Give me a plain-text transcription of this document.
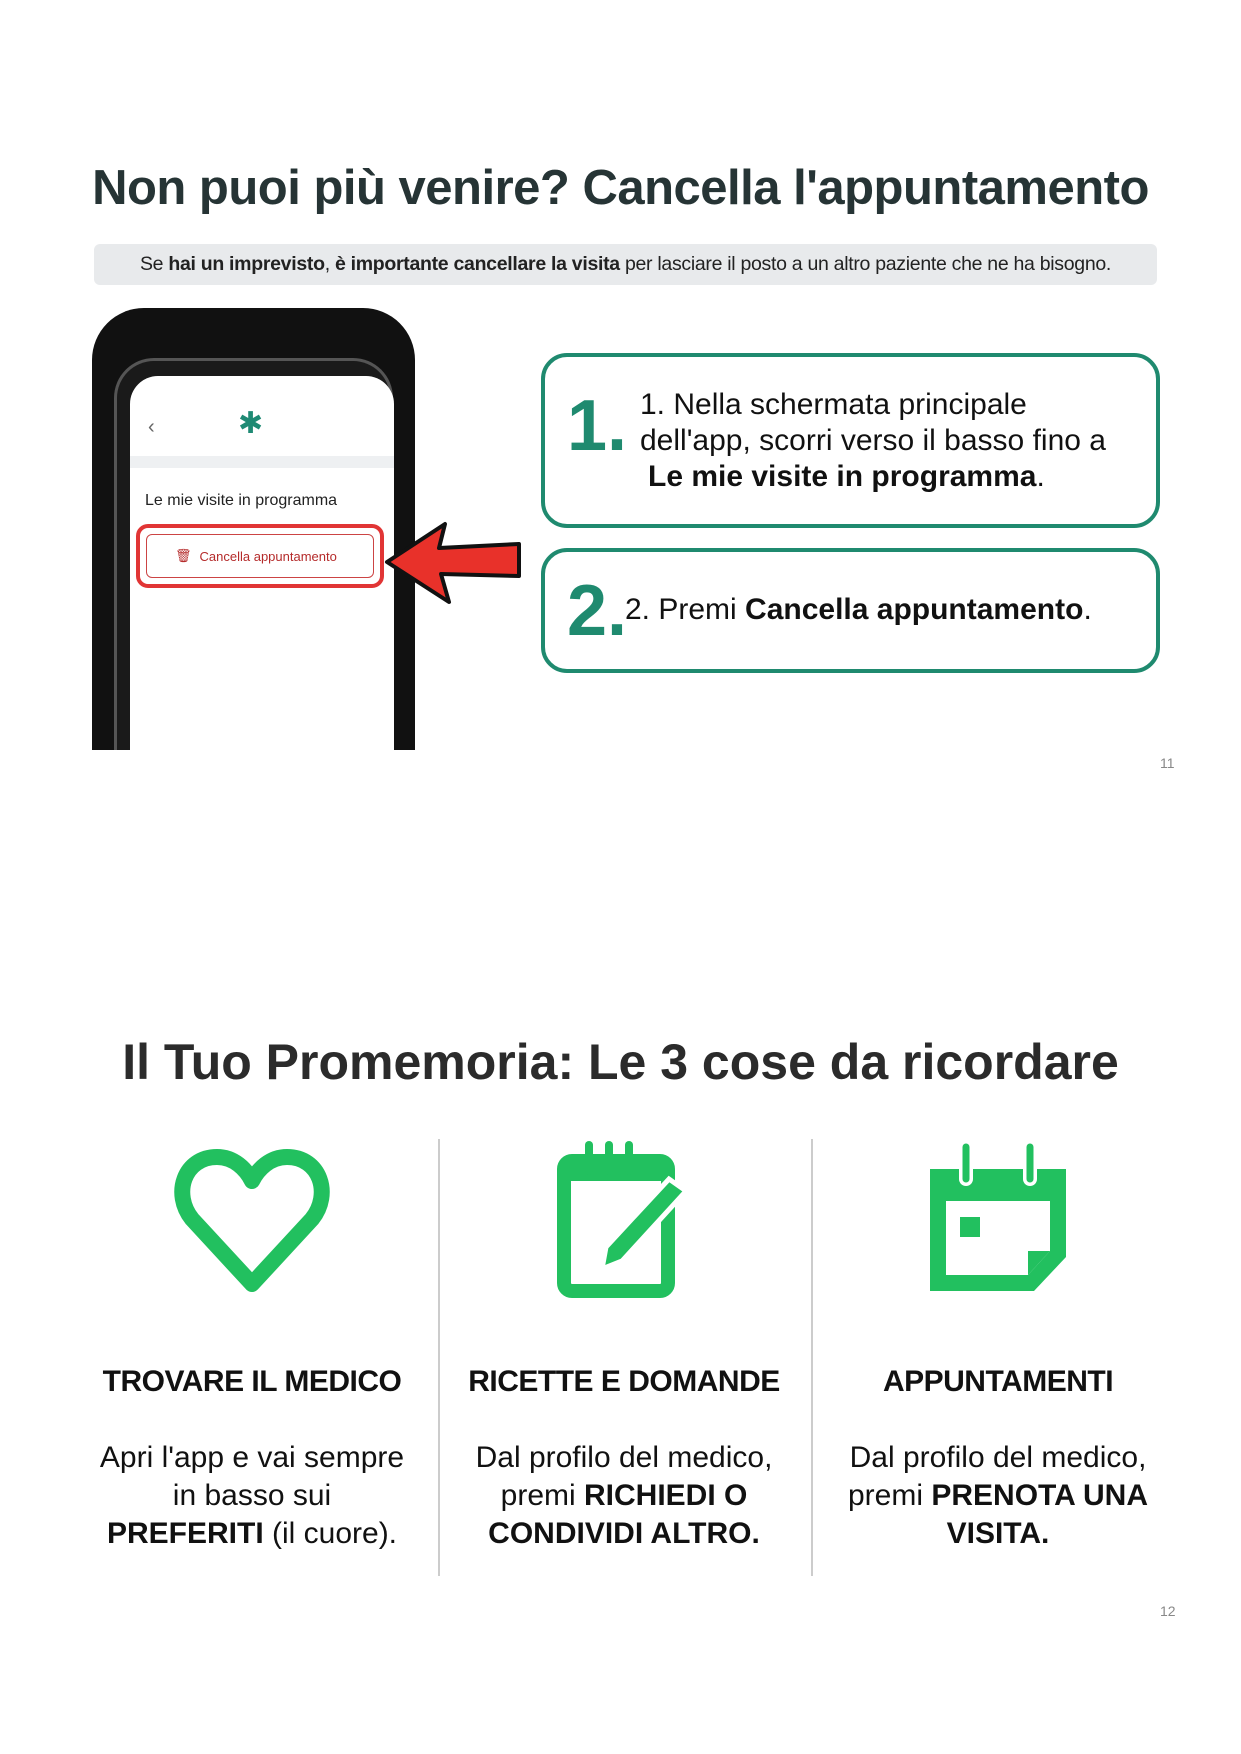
Non puoi più venire? Cancella l'appuntamento
Se hai un imprevisto, è importante cancellare la visita per lasciare il posto a un altro paziente che ne ha bisogno.
‹	✱
Le mie visite in programma
🗑 Cancella appuntamento
1. 1. Nella schermata principale
dell'app, scorri verso il basso fino a
Le mie visite in programma.
2.
2. Premi Cancella appuntamento.
11
Il Tuo Promemoria: Le 3 cose da ricordare
TROVARE IL MEDICO

Apri l'app e vai sempre in basso sui PREFERITI (il cuore).

RICETTE E DOMANDE

Dal profilo del medico, premi RICHIEDI O CONDIVIDI ALTRO.

APPUNTAMENTI

Dal profilo del medico, premi PRENOTA UNA VISITA.

12
